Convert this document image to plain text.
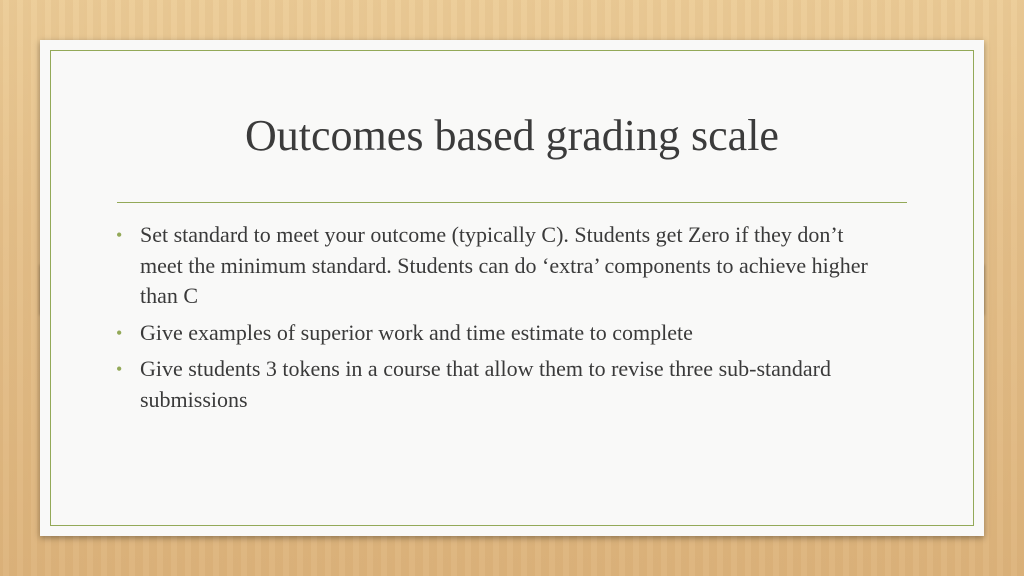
Outcomes based grading scale
• Set standard to meet your outcome (typically C). Students get Zero if they don’t meet the minimum standard. Students can do ‘extra’ components to achieve higher than C
• Give examples of superior work and time estimate to complete
• Give students 3 tokens in a course that allow them to revise three sub-standard submissions
